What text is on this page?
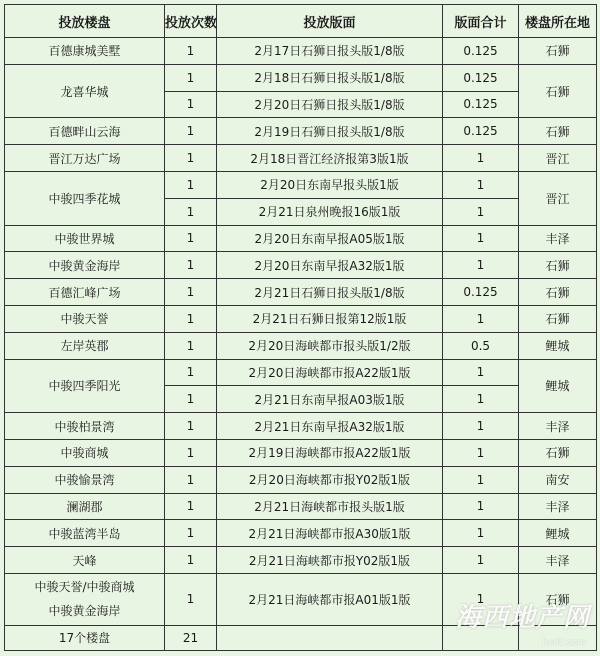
投放楼盘	投放次数	投放版面	版面合计	楼盘所在地
百德康城美墅	1	2月17日石狮日报头版1/8版	0.125	石狮
龙喜华城	1	2月18日石狮日报头版1/8版	0.125	石狮
	1	2月20日石狮日报头版1/8版	0.125	
百德畔山云海	1	2月19日石狮日报头版1/8版	0.125	石狮
晋江万达广场	1	2月18日晋江经济报第3版1版	1	晋江
中骏四季花城	1	2月20日东南早报头版1版	1	晋江
	1	2月21日泉州晚报16版1版	1	
中骏世界城	1	2月20日东南早报A05版1版	1	丰泽
中骏黄金海岸	1	2月20日东南早报A32版1版	1	石狮
百德汇峰广场	1	2月21日石狮日报头版1/8版	0.125	石狮
中骏天誉	1	2月21日石狮日报第12版1版	1	石狮
左岸英郡	1	2月20日海峡都市报头版1/2版	0.5	鲤城
中骏四季阳光	1	2月20日海峡都市报A22版1版	1	鲤城
	1	2月21日东南早报A03版1版	1	
中骏柏景湾	1	2月21日东南早报A32版1版	1	丰泽
中骏商城	1	2月19日海峡都市报A22版1版	1	石狮
中骏愉景湾	1	2月20日海峡都市报Y02版1版	1	南安
澜湖郡	1	2月21日海峡都市报头版1版	1	丰泽
中骏蓝湾半岛	1	2月21日海峡都市报A30版1版	1	鲤城
天峰	1	2月21日海峡都市报Y02版1版	1	丰泽

中骏天誉/中骏商城
中骏黄金海岸	1	2月21日海峡都市报A01版1版	1	石狮
17个楼盘	21			
海西地产网
hxdc.com
